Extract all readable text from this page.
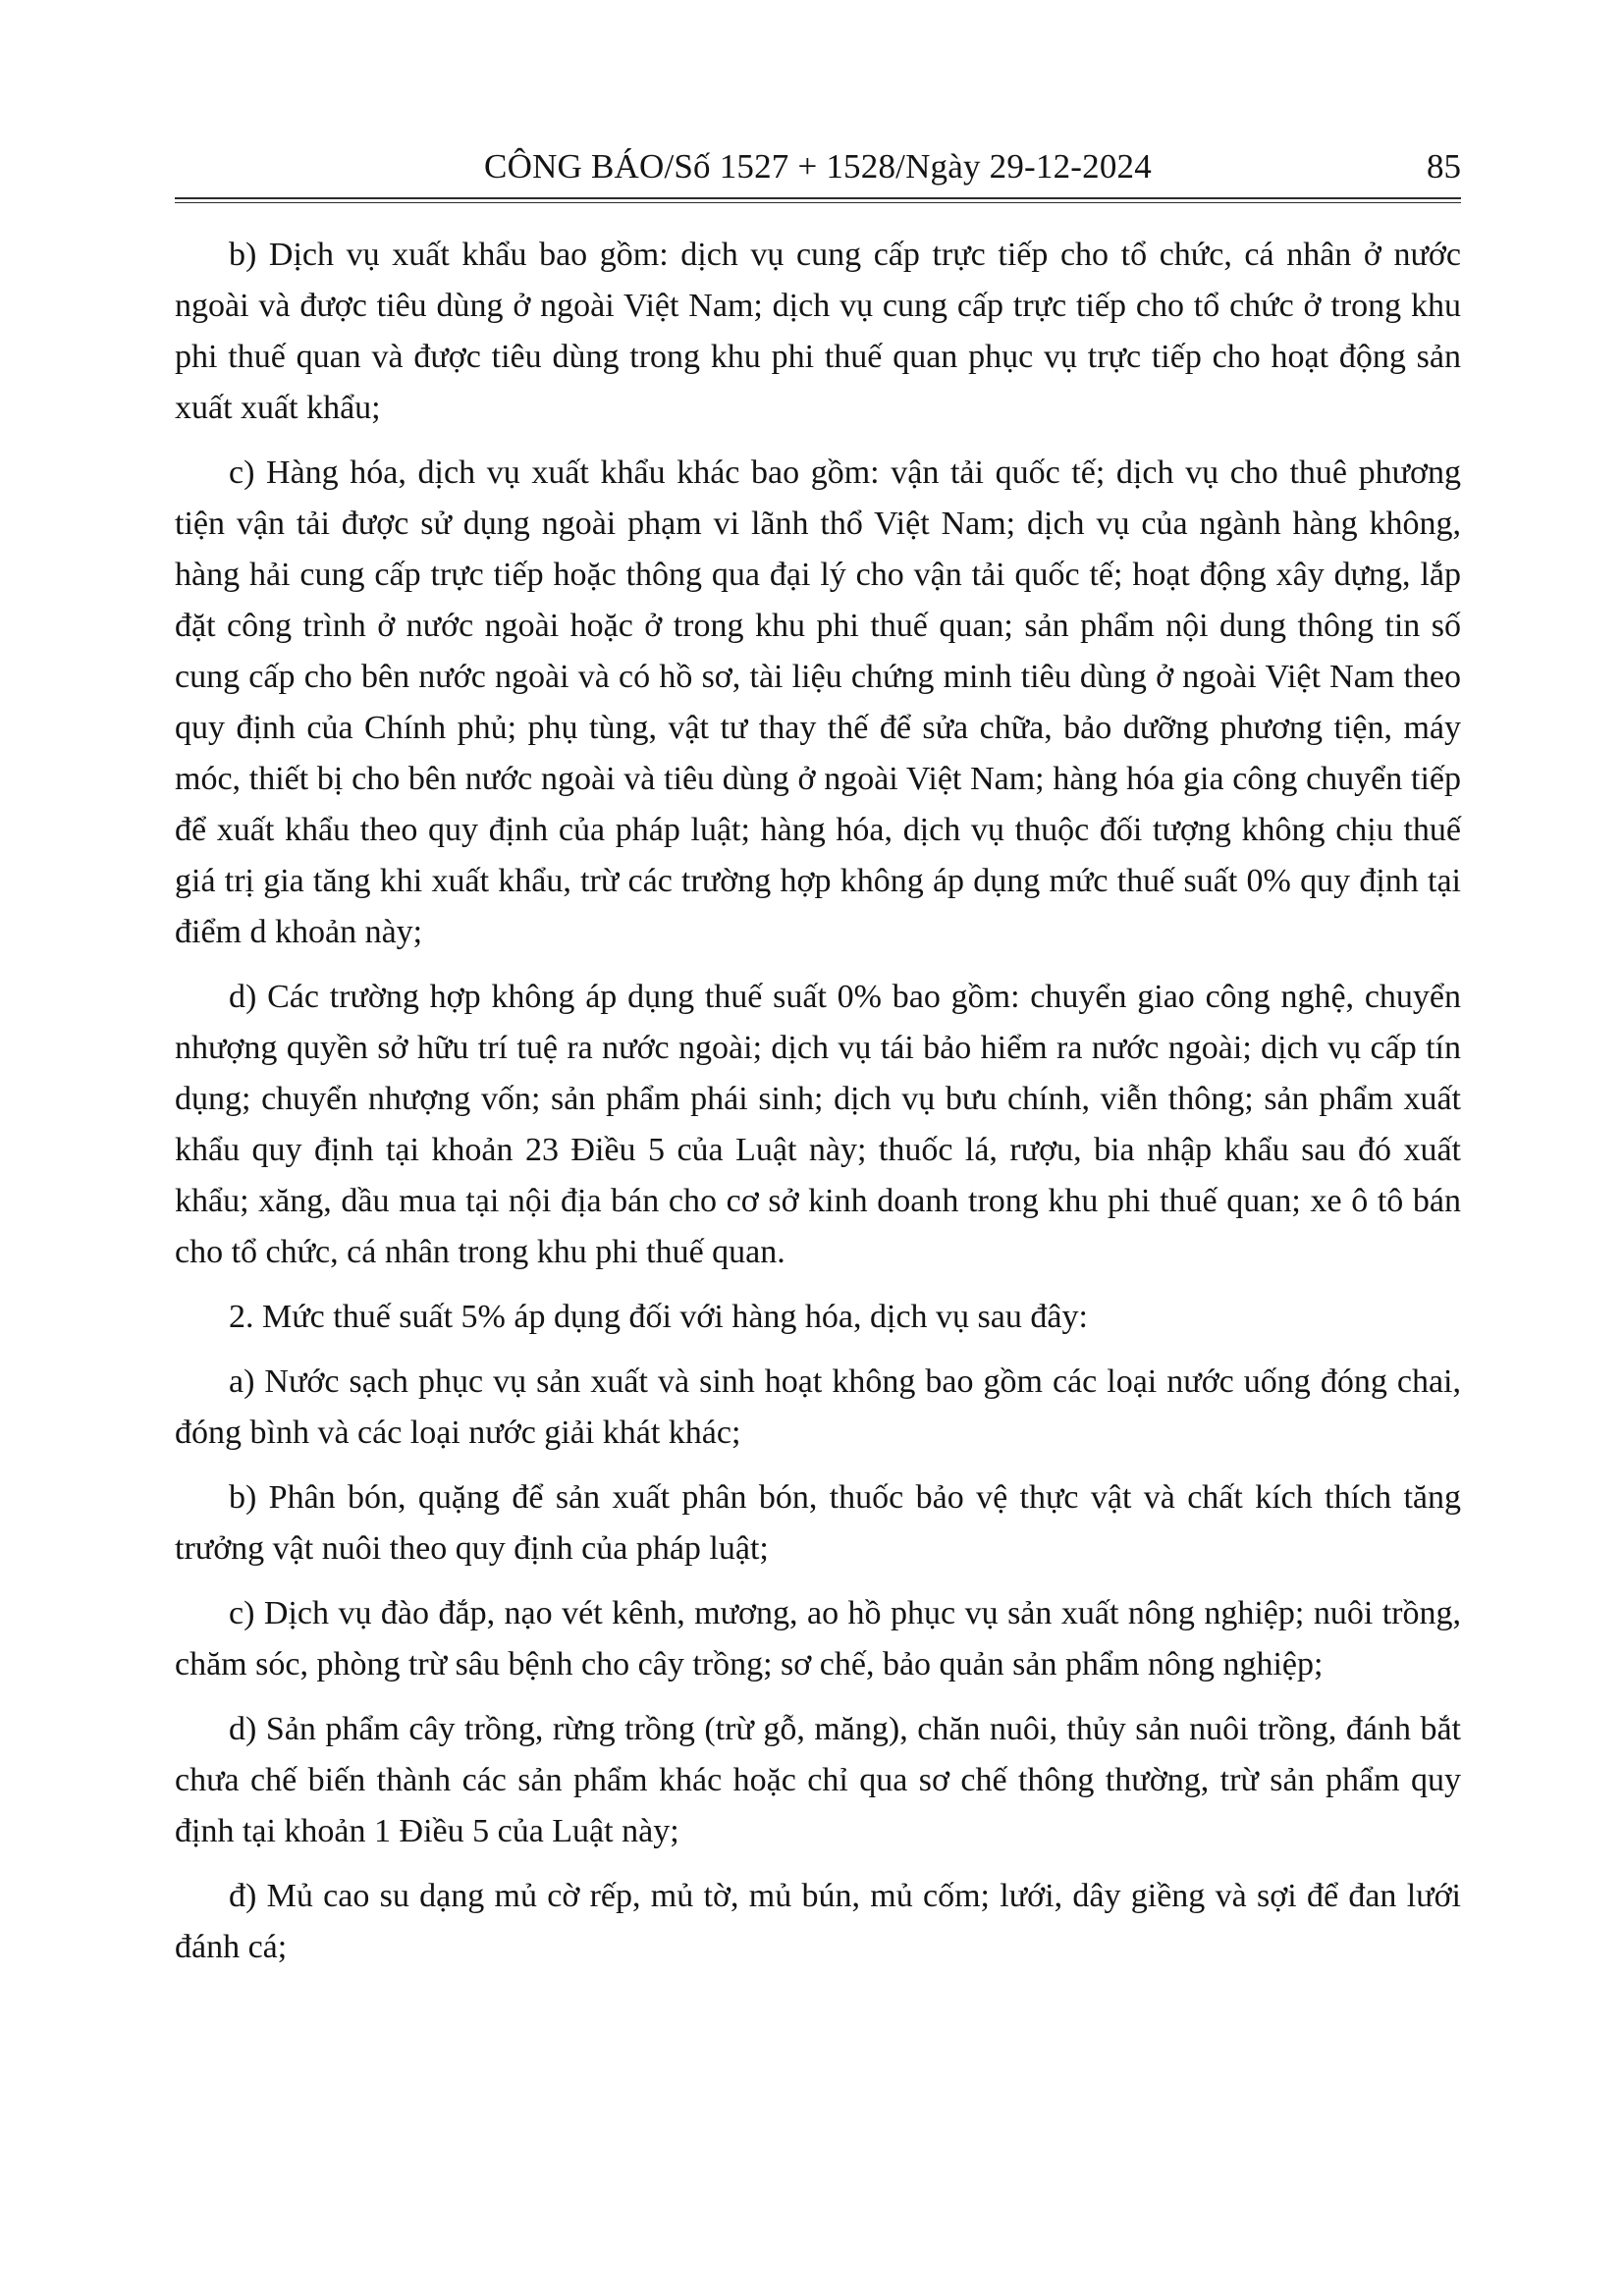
CÔNG BÁO/Số 1527 + 1528/Ngày 29-12-2024	85

b) Dịch vụ xuất khẩu bao gồm: dịch vụ cung cấp trực tiếp cho tổ chức, cá nhân ở nước ngoài và được tiêu dùng ở ngoài Việt Nam; dịch vụ cung cấp trực tiếp cho tổ chức ở trong khu phi thuế quan và được tiêu dùng trong khu phi thuế quan phục vụ trực tiếp cho hoạt động sản xuất xuất khẩu;

c) Hàng hóa, dịch vụ xuất khẩu khác bao gồm: vận tải quốc tế; dịch vụ cho thuê phương tiện vận tải được sử dụng ngoài phạm vi lãnh thổ Việt Nam; dịch vụ của ngành hàng không, hàng hải cung cấp trực tiếp hoặc thông qua đại lý cho vận tải quốc tế; hoạt động xây dựng, lắp đặt công trình ở nước ngoài hoặc ở trong khu phi thuế quan; sản phẩm nội dung thông tin số cung cấp cho bên nước ngoài và có hồ sơ, tài liệu chứng minh tiêu dùng ở ngoài Việt Nam theo quy định của Chính phủ; phụ tùng, vật tư thay thế để sửa chữa, bảo dưỡng phương tiện, máy móc, thiết bị cho bên nước ngoài và tiêu dùng ở ngoài Việt Nam; hàng hóa gia công chuyển tiếp để xuất khẩu theo quy định của pháp luật; hàng hóa, dịch vụ thuộc đối tượng không chịu thuế giá trị gia tăng khi xuất khẩu, trừ các trường hợp không áp dụng mức thuế suất 0% quy định tại điểm d khoản này;

d) Các trường hợp không áp dụng thuế suất 0% bao gồm: chuyển giao công nghệ, chuyển nhượng quyền sở hữu trí tuệ ra nước ngoài; dịch vụ tái bảo hiểm ra nước ngoài; dịch vụ cấp tín dụng; chuyển nhượng vốn; sản phẩm phái sinh; dịch vụ bưu chính, viễn thông; sản phẩm xuất khẩu quy định tại khoản 23 Điều 5 của Luật này; thuốc lá, rượu, bia nhập khẩu sau đó xuất khẩu; xăng, dầu mua tại nội địa bán cho cơ sở kinh doanh trong khu phi thuế quan; xe ô tô bán cho tổ chức, cá nhân trong khu phi thuế quan.

2. Mức thuế suất 5% áp dụng đối với hàng hóa, dịch vụ sau đây:

a) Nước sạch phục vụ sản xuất và sinh hoạt không bao gồm các loại nước uống đóng chai, đóng bình và các loại nước giải khát khác;

b) Phân bón, quặng để sản xuất phân bón, thuốc bảo vệ thực vật và chất kích thích tăng trưởng vật nuôi theo quy định của pháp luật;

c) Dịch vụ đào đắp, nạo vét kênh, mương, ao hồ phục vụ sản xuất nông nghiệp; nuôi trồng, chăm sóc, phòng trừ sâu bệnh cho cây trồng; sơ chế, bảo quản sản phẩm nông nghiệp;

d) Sản phẩm cây trồng, rừng trồng (trừ gỗ, măng), chăn nuôi, thủy sản nuôi trồng, đánh bắt chưa chế biến thành các sản phẩm khác hoặc chỉ qua sơ chế thông thường, trừ sản phẩm quy định tại khoản 1 Điều 5 của Luật này;

đ) Mủ cao su dạng mủ cờ rếp, mủ tờ, mủ bún, mủ cốm; lưới, dây giềng và sợi để đan lưới đánh cá;
